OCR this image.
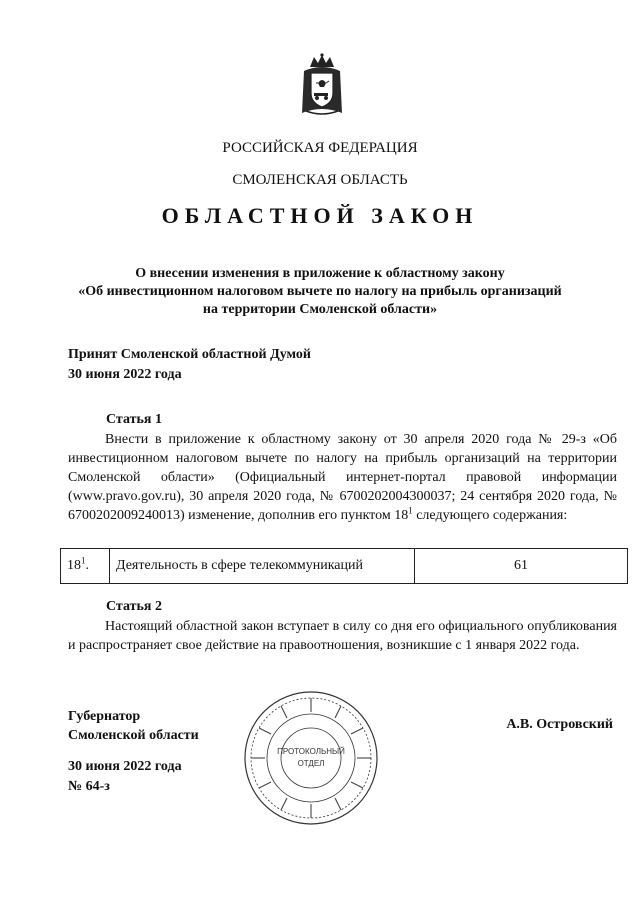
РОССИЙСКАЯ ФЕДЕРАЦИЯ
СМОЛЕНСКАЯ ОБЛАСТЬ
ОБЛАСТНОЙ ЗАКОН
О внесении изменения в приложение к областному закону
«Об инвестиционном налоговом вычете по налогу на прибыль организаций
на территории Смоленской области»
Принят Смоленской областной Думой
30 июня 2022 года
Статья 1

Внести в приложение к областному закону от 30 апреля 2020 года № 29-з «Об инвестиционном налоговом вычете по налогу на прибыль организаций на территории Смоленской области» (Официальный интернет-портал правовой информации (www.pravo.gov.ru), 30 апреля 2020 года, № 6700202004300037; 24 сентября 2020 года, № 6700202009240013) изменение, дополнив его пунктом $18^1$ следующего содержания:

$18^1$.	Деятельность в сфере телекоммуникаций	61
Статья 2

Настоящий областной закон вступает в силу со дня его официального опубликования и распространяет свое действие на правоотношения, возникшие с 1 января 2022 года.

Губернатор
Смоленской области
А.В. Островский
30 июня 2022 года
№ 64-з
ПРОТОКОЛЬНЫЙ
ОТДЕЛ
